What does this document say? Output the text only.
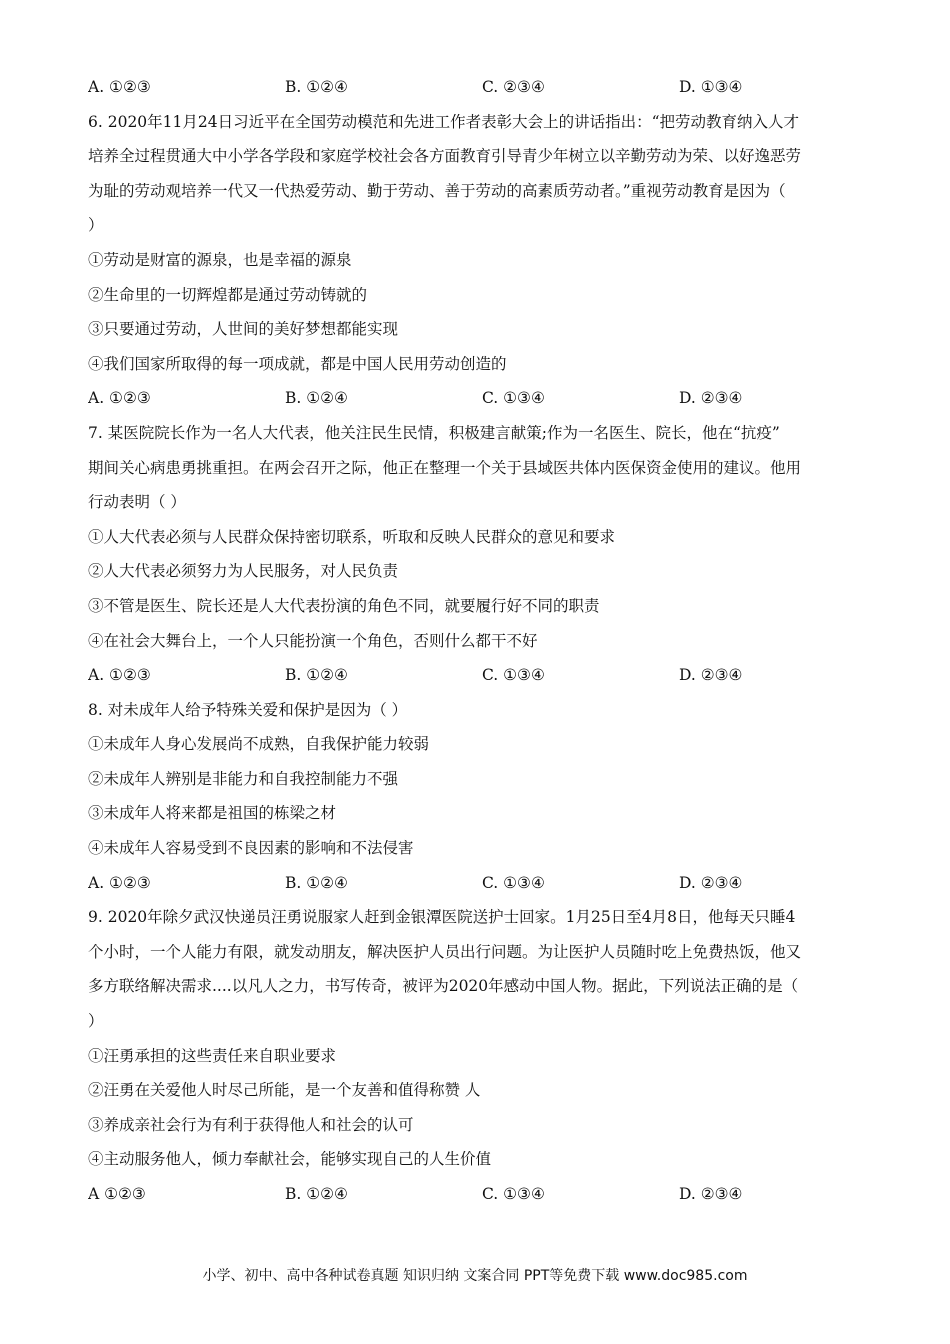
A. ①②③	B. ①②④	C. ②③④	D. ①③④
6. 2020年11月24日习近平在全国劳动模范和先进工作者表彰大会上的讲话指出：“把劳动教育纳入人才
培养全过程贯通大中小学各学段和家庭学校社会各方面教育引导青少年树立以辛勤劳动为荣、以好逸恶劳
为耻的劳动观培养一代又一代热爱劳动、勤于劳动、善于劳动的高素质劳动者。”重视劳动教育是因为（
）
①劳动是财富的源泉，也是幸福的源泉
②生命里的一切辉煌都是通过劳动铸就的
③只要通过劳动，人世间的美好梦想都能实现
④我们国家所取得的每一项成就，都是中国人民用劳动创造的
A. ①②③	B. ①②④	C. ①③④	D. ②③④
7. 某医院院长作为一名人大代表，他关注民生民情，积极建言献策;作为一名医生、院长，他在“抗疫”
期间关心病患勇挑重担。在两会召开之际，他正在整理一个关于县域医共体内医保资金使用的建议。他用
行动表明（ ）
①人大代表必须与人民群众保持密切联系，听取和反映人民群众的意见和要求
②人大代表必须努力为人民服务，对人民负责
③不管是医生、院长还是人大代表扮演的角色不同，就要履行好不同的职责
④在社会大舞台上，一个人只能扮演一个角色，否则什么都干不好
A. ①②③	B. ①②④	C. ①③④	D. ②③④
8. 对未成年人给予特殊关爱和保护是因为（ ）
①未成年人身心发展尚不成熟，自我保护能力较弱
②未成年人辨别是非能力和自我控制能力不强
③未成年人将来都是祖国的栋梁之材
④未成年人容易受到不良因素的影响和不法侵害
A. ①②③	B. ①②④	C. ①③④	D. ②③④
9. 2020年除夕武汉快递员汪勇说服家人赶到金银潭医院送护士回家。1月25日至4月8日，他每天只睡4
个小时，一个人能力有限，就发动朋友，解决医护人员出行问题。为让医护人员随时吃上免费热饭，他又
多方联络解决需求....以凡人之力，书写传奇，被评为2020年感动中国人物。据此，下列说法正确的是（
）
①汪勇承担的这些责任来自职业要求
②汪勇在关爱他人时尽己所能，是一个友善和值得称赞 人
③养成亲社会行为有利于获得他人和社会的认可
④主动服务他人，倾力奉献社会，能够实现自己的人生价值
A ①②③	B. ①②④	C. ①③④	D. ②③④
小学、初中、高中各种试卷真题 知识归纳 文案合同 PPT等免费下载 www.doc985.com
